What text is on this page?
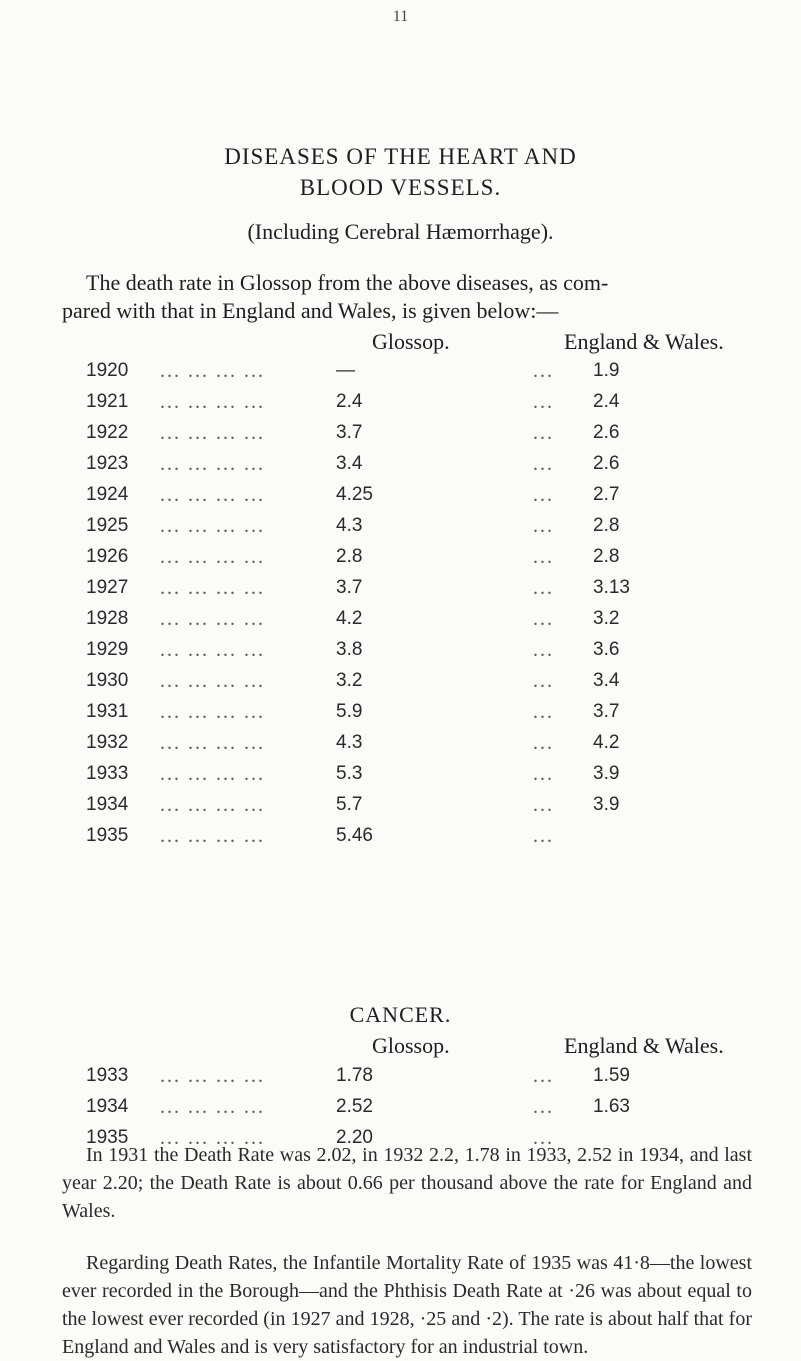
11
DISEASES OF THE HEART AND
BLOOD VESSELS.
(Including Cerebral Hæmorrhage).
The death rate in Glossop from the above diseases, as com-
pared with that in England and Wales, is given below:—
Glossop.	England & Wales.
1920 ... ... ... ...	—	... 1.9
1921 ... ... ... ...	2.4	... 2.4
1922 ... ... ... ...	3.7	... 2.6
1923 ... ... ... ...	3.4	... 2.6
1924 ... ... ... ...	4.25	... 2.7
1925 ... ... ... ...	4.3	... 2.8
1926 ... ... ... ...	2.8	... 2.8
1927 ... ... ... ...	3.7	... 3.13
1928 ... ... ... ...	4.2	... 3.2
1929 ... ... ... ...	3.8	... 3.6
1930 ... ... ... ...	3.2	... 3.4
1931 ... ... ... ...	5.9	... 3.7
1932 ... ... ... ...	4.3	... 4.2
1933 ... ... ... ...	5.3	... 3.9
1934 ... ... ... ...	5.7	... 3.9
1935 ... ... ... ...	5.46	...
CANCER.
Glossop.	England & Wales.
1933 ... ... ... ...	1.78	... 1.59
1934 ... ... ... ...	2.52	... 1.63
1935 ... ... ... ...	2.20	...
In 1931 the Death Rate was 2.02, in 1932 2.2, 1.78 in 1933, 2.52 in 1934, and last year 2.20; the Death Rate is about 0.66 per thousand above the rate for England and Wales.
Regarding Death Rates, the Infantile Mortality Rate of 1935 was 41·8—the lowest ever recorded in the Borough—and the Phthisis Death Rate at ·26 was about equal to the lowest ever recorded (in 1927 and 1928, ·25 and ·2). The rate is about half that for England and Wales and is very satisfactory for an industrial town.
